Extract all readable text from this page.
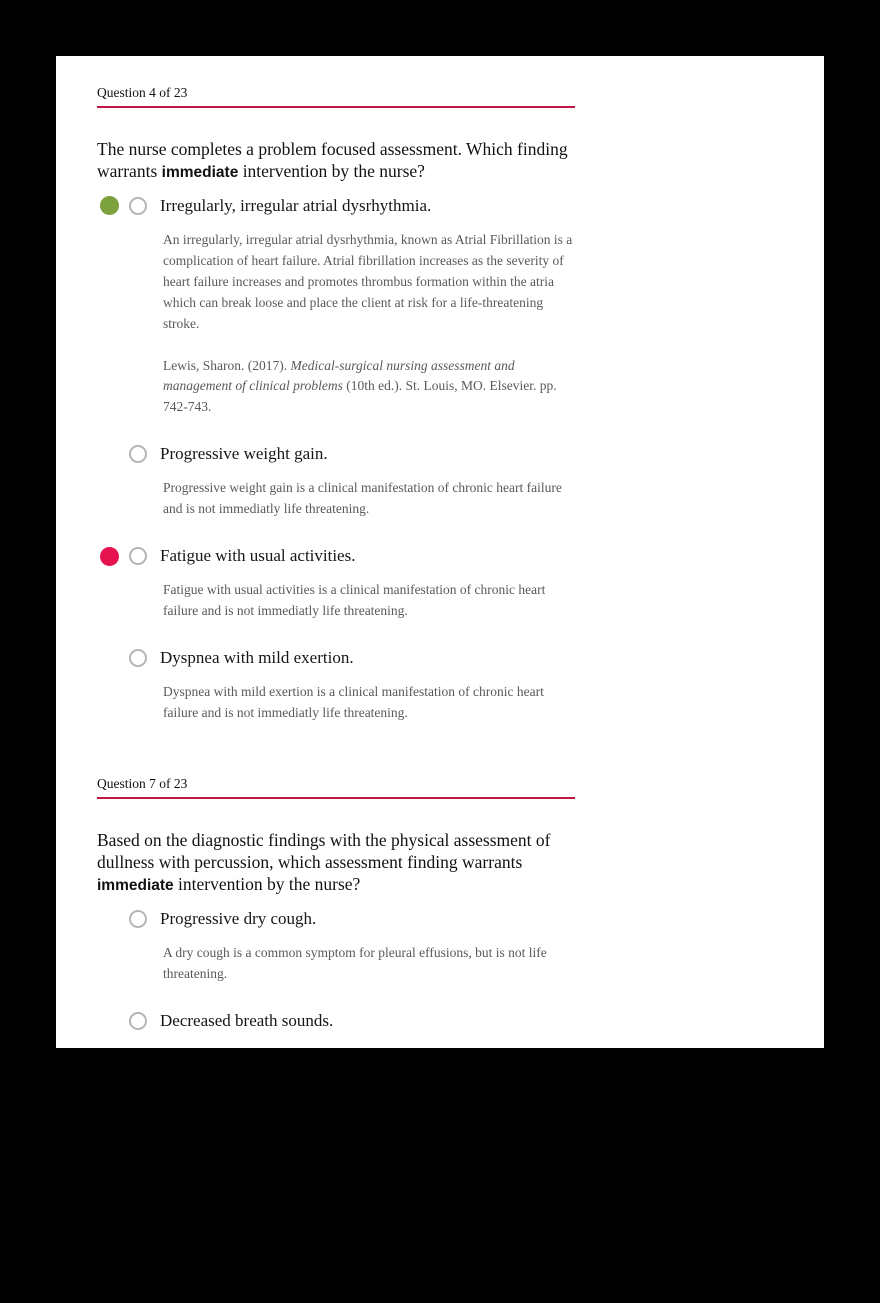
Question 4 of 23

The nurse completes a problem focused assessment. Which finding warrants immediate intervention by the nurse?

Irregularly, irregular atrial dysrhythmia.

An irregularly, irregular atrial dysrhythmia, known as Atrial Fibrillation is a complication of heart failure. Atrial fibrillation increases as the severity of heart failure increases and promotes thrombus formation within the atria which can break loose and place the client at risk for a life-threatening stroke.

Lewis, Sharon. (2017). Medical-surgical nursing assessment and management of clinical problems (10th ed.). St. Louis, MO. Elsevier. pp. 742-743.

Progressive weight gain.

Progressive weight gain is a clinical manifestation of chronic heart failure and is not immediatly life threatening.

Fatigue with usual activities.

Fatigue with usual activities is a clinical manifestation of chronic heart failure and is not immediatly life threatening.

Dyspnea with mild exertion.

Dyspnea with mild exertion is a clinical manifestation of chronic heart failure and is not immediatly life threatening.

Question 7 of 23

Based on the diagnostic findings with the physical assessment of dullness with percussion, which assessment finding warrants immediate intervention by the nurse?

Progressive dry cough.

A dry cough is a common symptom for pleural effusions, but is not life threatening.

Decreased breath sounds.
